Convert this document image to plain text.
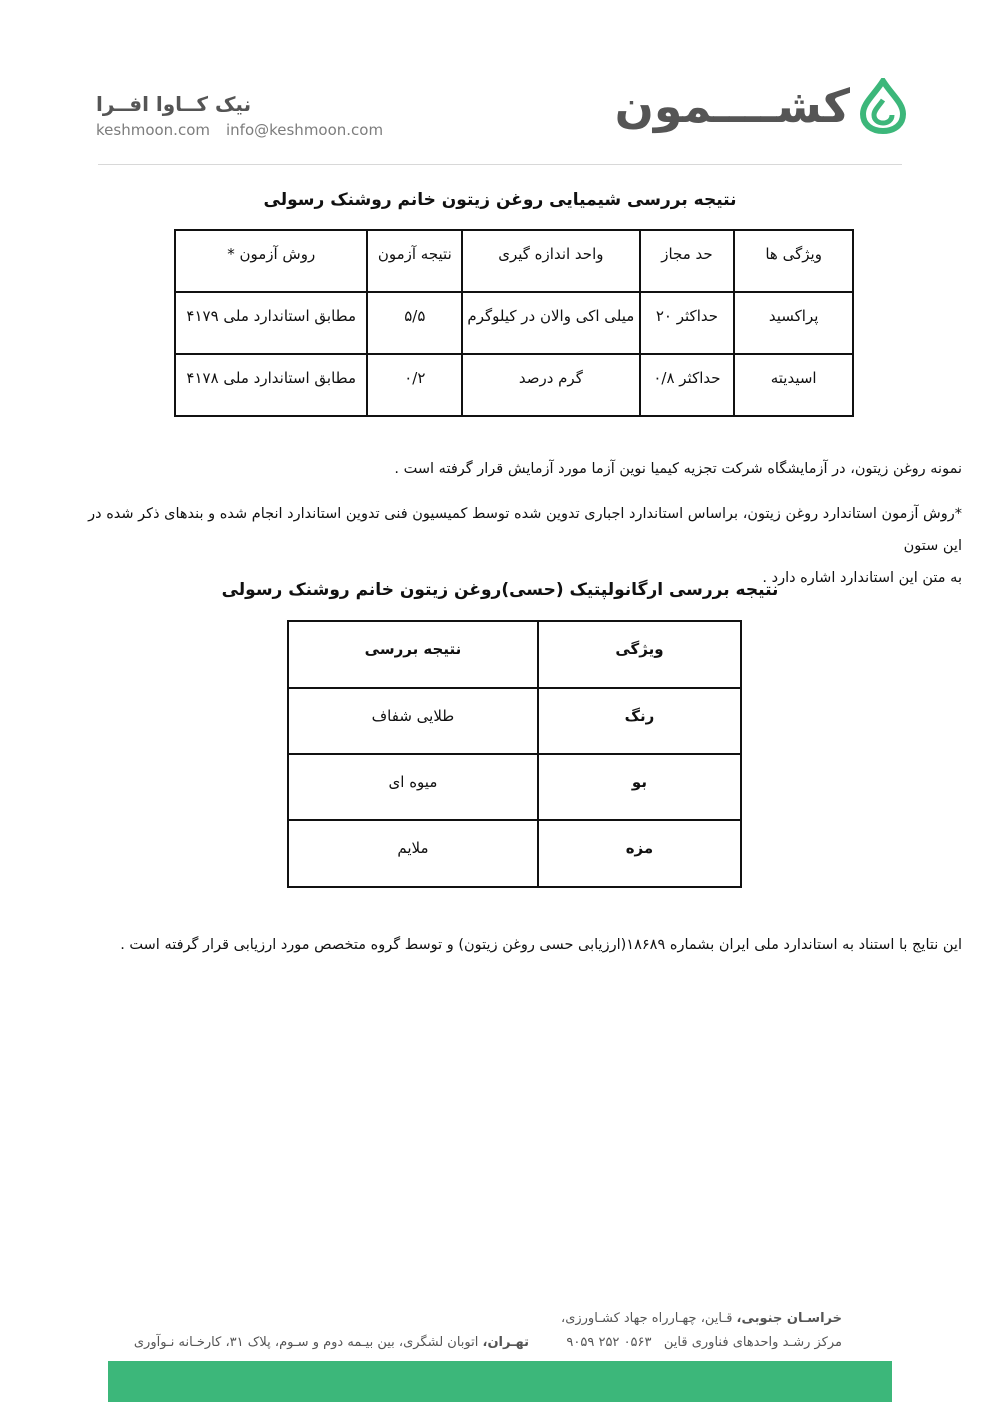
کشــــمون
نیک کــاوا افــرا
keshmoon.com info@keshmoon.com
نتیجه بررسی شیمیایی روغن زیتون خانم روشنک رسولی
ویژگی ها	حد مجاز	واحد اندازه گیری	نتیجه آزمون	روش آزمون *
پراکسید	حداکثر ۲۰	میلی اکی والان در کیلوگرم	۵/۵	مطابق استاندارد ملی ۴۱۷۹
اسیدیته	حداکثر ۰/۸	گرم درصد	۰/۲	مطابق استاندارد ملی ۴۱۷۸
نمونه روغن زیتون، در آزمایشگاه شرکت تجزیه کیمیا نوین آزما مورد آزمایش قرار گرفته است .
*روش آزمون استاندارد روغن زیتون، براساس استاندارد اجباری تدوین شده توسط کمیسیون فنی تدوین استاندارد انجام شده و بندهای ذکر شده در این ستون
به متن این استاندارد اشاره دارد .
نتیجه بررسی ارگانولپتیک (حسی)روغن زیتون خانم روشنک رسولی
ویژگی	نتیجه بررسی
رنگ	طلایی شفاف
بو	میوه ای
مزه	ملایم
این نتایج با استناد به استاندارد ملی ایران بشماره ۱۸۶۸۹(ارزیابی حسی روغن زیتون) و توسط گروه متخصص مورد ارزیابی قرار گرفته است .
خراسـان جنوبی، قـاین، چهـارراه جهاد کشـاورزی،
مرکز رشـد واحدهای فناوری قاین   ۰۵۶۳ ۲۵۲ ۹۰۵۹
تهـران، اتوبان لشگری، بین بیـمه دوم و سـوم، پلاک ۳۱، کارخـانه نـوآوری
